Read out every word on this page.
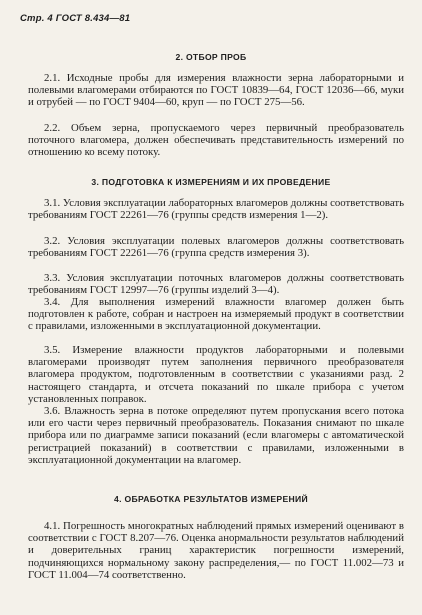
Стр. 4 ГОСТ 8.434—81
2. ОТБОР ПРОБ

2.1. Исходные пробы для измерения влажности зерна лабораторными и полевыми влагомерами отбираются по ГОСТ 10839—64, ГОСТ 12036—66, муки и отрубей — по ГОСТ 9404—60, круп — по ГОСТ 275—56.

2.2. Объем зерна, пропускаемого через первичный преобразователь поточного влагомера, должен обеспечивать представительность измерений по отношению ко всему потоку.

3. ПОДГОТОВКА К ИЗМЕРЕНИЯМ И ИХ ПРОВЕДЕНИЕ

3.1. Условия эксплуатации лабораторных влагомеров должны соответствовать требованиям ГОСТ 22261—76 (группы средств измерения 1—2).

3.2. Условия эксплуатации полевых влагомеров должны соответствовать требованиям ГОСТ 22261—76 (группа средств измерения 3).

3.3. Условия эксплуатации поточных влагомеров должны соответствовать требованиям ГОСТ 12997—76 (группы изделий 3—4).

3.4. Для выполнения измерений влажности влагомер должен быть подготовлен к работе, собран и настроен на измеряемый продукт в соответствии с правилами, изложенными в эксплуатационной документации.

3.5. Измерение влажности продуктов лабораторными и полевыми влагомерами производят путем заполнения первичного преобразователя влагомера продуктом, подготовленным в соответствии с указаниями разд. 2 настоящего стандарта, и отсчета показаний по шкале прибора с учетом установленных поправок.

3.6. Влажность зерна в потоке определяют путем пропускания всего потока или его части через первичный преобразователь. Показания снимают по шкале прибора или по диаграмме записи показаний (если влагомеры с автоматической регистрацией показаний) в соответствии с правилами, изложенными в эксплуатационной документации на влагомер.

4. ОБРАБОТКА РЕЗУЛЬТАТОВ ИЗМЕРЕНИЙ

4.1. Погрешность многократных наблюдений прямых измерений оценивают в соответствии с ГОСТ 8.207—76. Оценка анормальности результатов наблюдений и доверительных границ характеристик погрешности измерений, подчиняющихся нормальному закону распределения,— по ГОСТ 11.002—73 и ГОСТ 11.004—74 соответственно.
